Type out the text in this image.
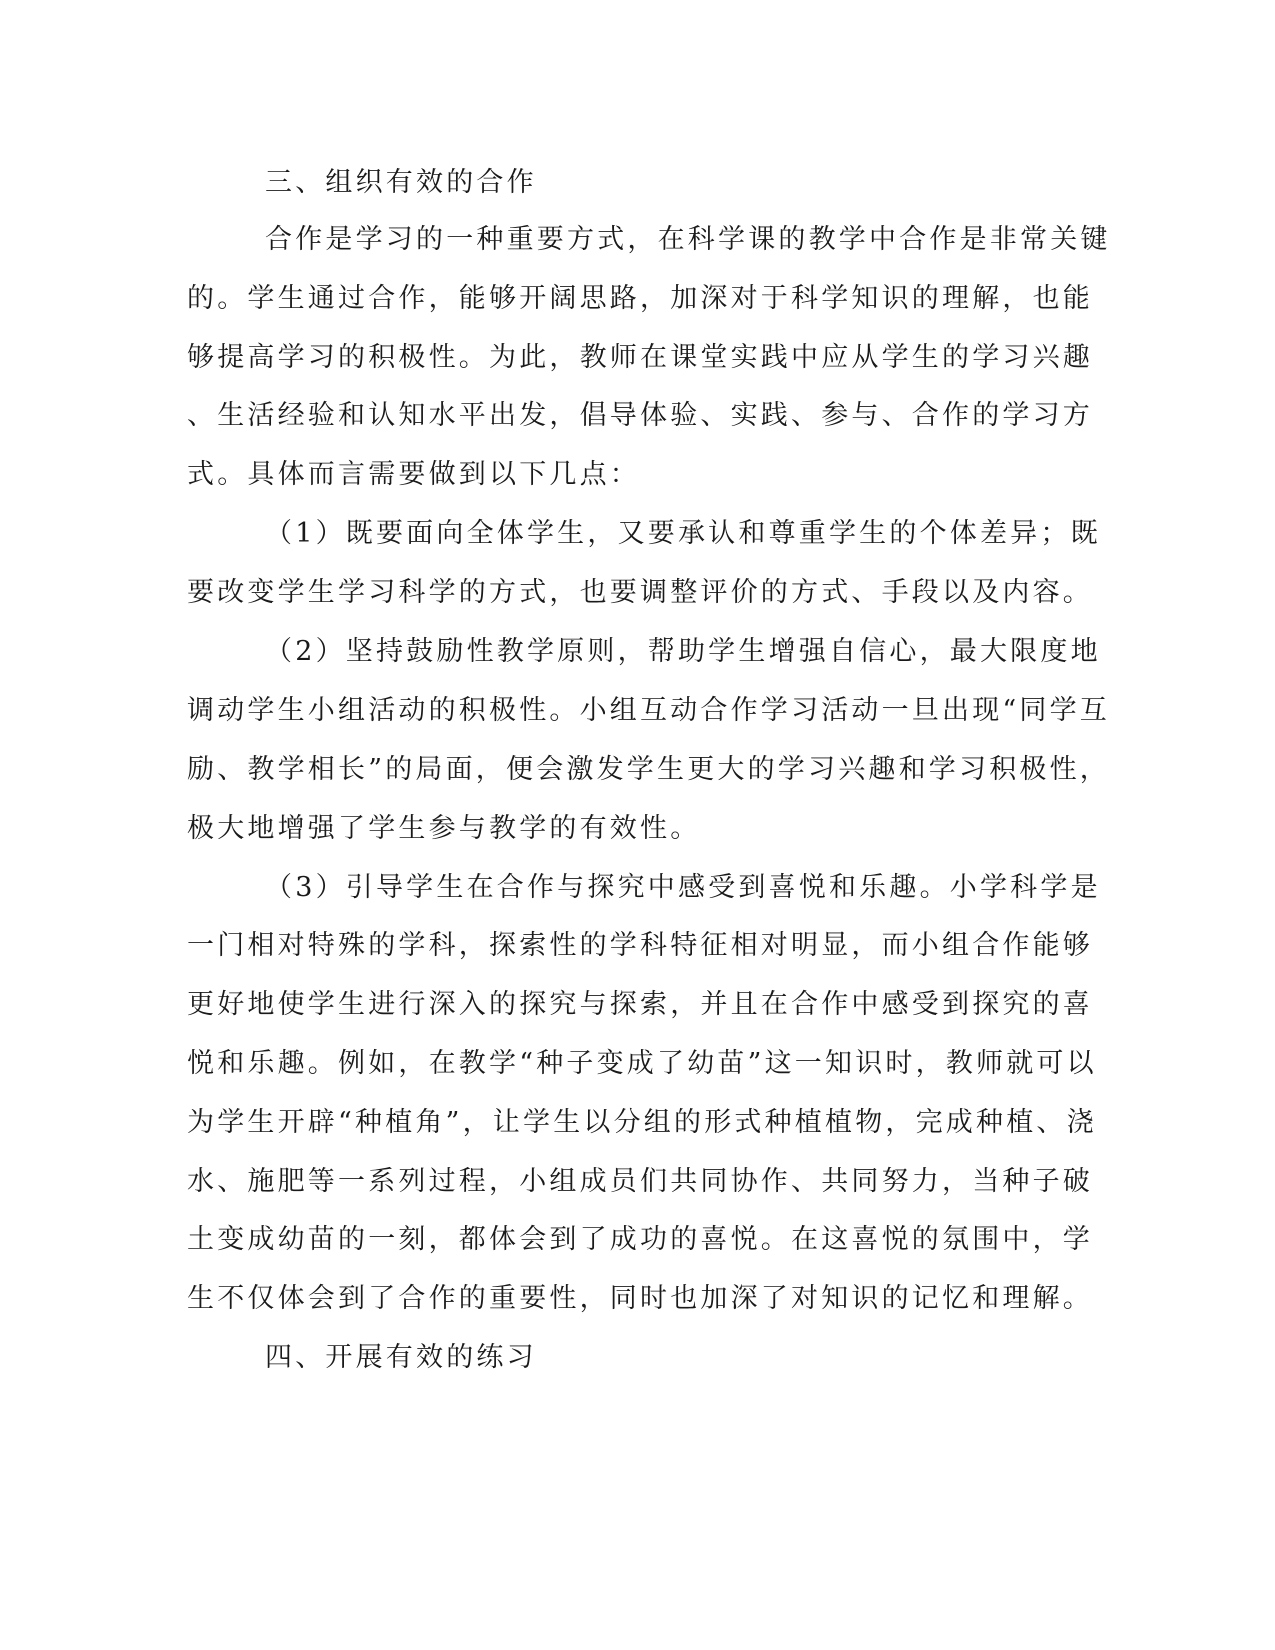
三、组织有效的合作

合作是学习的一种重要方式，在科学课的教学中合作是非常关键

的。学生通过合作，能够开阔思路，加深对于科学知识的理解，也能

够提高学习的积极性。为此，教师在课堂实践中应从学生的学习兴趣

、生活经验和认知水平出发，倡导体验、实践、参与、合作的学习方

式。具体而言需要做到以下几点：

（1）既要面向全体学生，又要承认和尊重学生的个体差异；既

要改变学生学习科学的方式，也要调整评价的方式、手段以及内容。

（2）坚持鼓励性教学原则，帮助学生增强自信心，最大限度地

调动学生小组活动的积极性。小组互动合作学习活动一旦出现“同学互

励、教学相长”的局面，便会激发学生更大的学习兴趣和学习积极性，

极大地增强了学生参与教学的有效性。

（3）引导学生在合作与探究中感受到喜悦和乐趣。小学科学是

一门相对特殊的学科，探索性的学科特征相对明显，而小组合作能够

更好地使学生进行深入的探究与探索，并且在合作中感受到探究的喜

悦和乐趣。例如，在教学“种子变成了幼苗”这一知识时，教师就可以

为学生开辟“种植角”，让学生以分组的形式种植植物，完成种植、浇

水、施肥等一系列过程，小组成员们共同协作、共同努力，当种子破

土变成幼苗的一刻，都体会到了成功的喜悦。在这喜悦的氛围中，学

生不仅体会到了合作的重要性，同时也加深了对知识的记忆和理解。

四、开展有效的练习
